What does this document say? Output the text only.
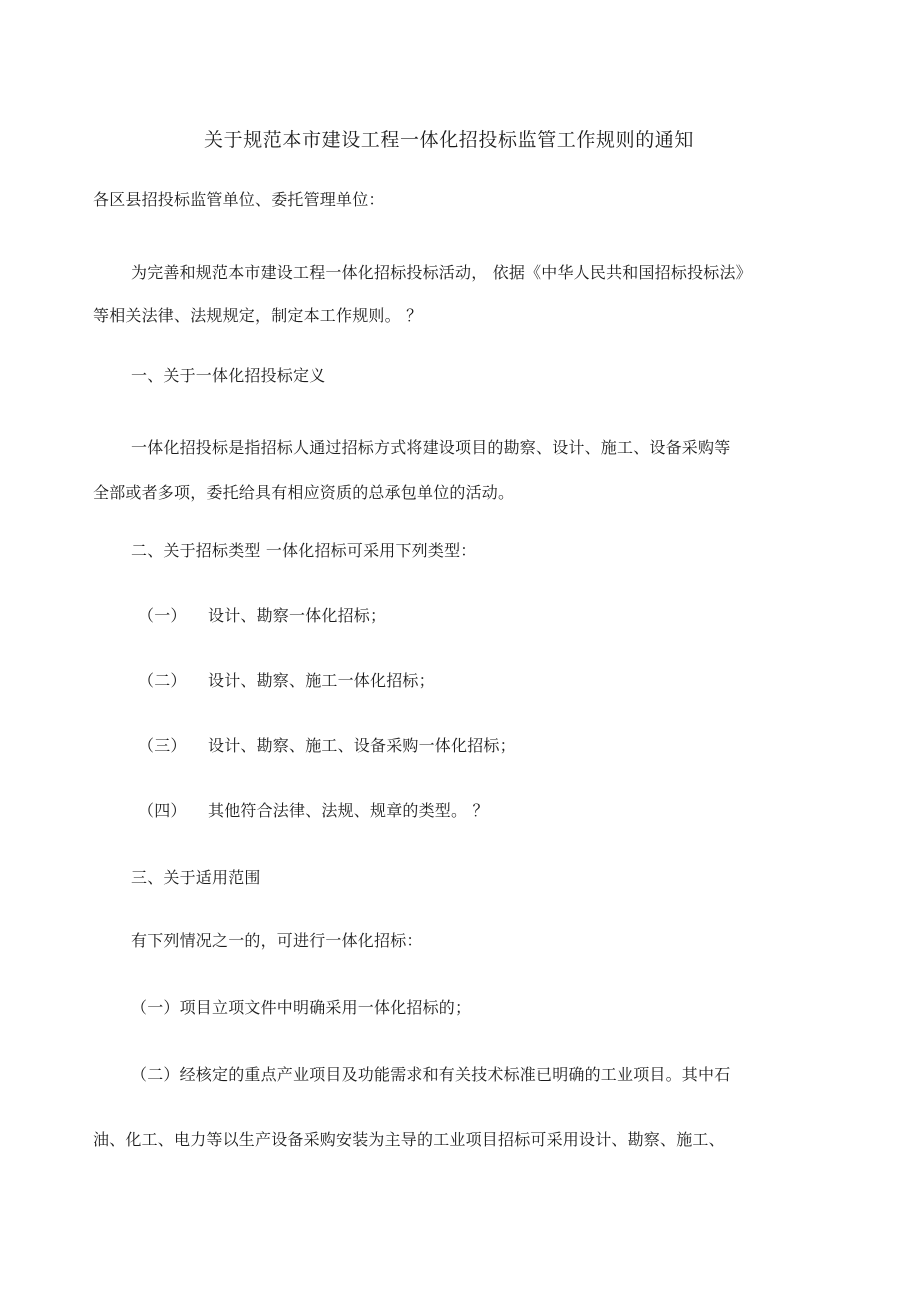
关于规范本市建设工程一体化招投标监管工作规则的通知
各区县招投标监管单位、委托管理单位：
为完善和规范本市建设工程一体化招标投标活动， 依据《中华人民共和国招标投标法》
等相关法律、法规规定，制定本工作规则。 ？
一、关于一体化招投标定义
一体化招投标是指招标人通过招标方式将建设项目的勘察、设计、施工、设备采购等
全部或者多项，委托给具有相应资质的总承包单位的活动。
二、关于招标类型 一体化招标可采用下列类型：
（一） 设计、勘察一体化招标；
（二） 设计、勘察、施工一体化招标；
（三） 设计、勘察、施工、设备采购一体化招标；
（四） 其他符合法律、法规、规章的类型。 ？
三、关于适用范围
有下列情况之一的，可进行一体化招标：
（一）项目立项文件中明确采用一体化招标的；
（二）经核定的重点产业项目及功能需求和有关技术标准已明确的工业项目。其中石
油、化工、电力等以生产设备采购安装为主导的工业项目招标可采用设计、勘察、施工、
